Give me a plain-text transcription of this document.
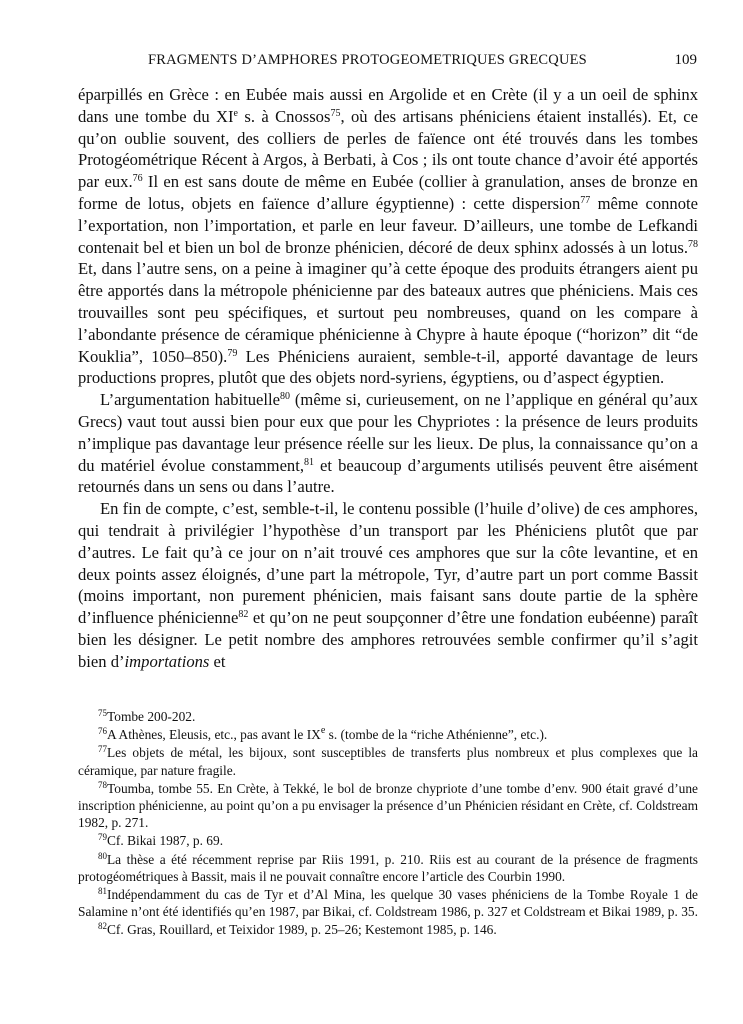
FRAGMENTS D’AMPHORES PROTOGEOMETRIQUES GRECQUES	109

éparpillés en Grèce : en Eubée mais aussi en Argolide et en Crète (il y a un oeil de sphinx dans une tombe du XIe s. à Cnossos$^{75}$, où des artisans phéniciens étaient installés). Et, ce qu’on oublie souvent, des colliers de perles de faïence ont été trouvés dans les tombes Protogéométrique Récent à Argos, à Berbati, à Cos ; ils ont toute chance d’avoir été apportés par eux.$^{76}$ Il en est sans doute de même en Eubée (collier à granulation, anses de bronze en forme de lotus, objets en faïence d’allure égyptienne) : cette dispersion$^{77}$ même connote l’exportation, non l’importation, et parle en leur faveur. D’ailleurs, une tombe de Lefkandi contenait bel et bien un bol de bronze phénicien, décoré de deux sphinx adossés à un lotus.$^{78}$ Et, dans l’autre sens, on a peine à imaginer qu’à cette époque des produits étrangers aient pu être apportés dans la métropole phénicienne par des bateaux autres que phéniciens. Mais ces trouvailles sont peu spécifiques, et surtout peu nombreuses, quand on les compare à l’abondante présence de céramique phénicienne à Chypre à haute époque (“horizon” dit “de Kouklia”, 1050–850).$^{79}$ Les Phéniciens auraient, semble-t-il, apporté davantage de leurs productions propres, plutôt que des objets nord-syriens, égyptiens, ou d’aspect égyptien.

L’argumentation habituelle$^{80}$ (même si, curieusement, on ne l’applique en général qu’aux Grecs) vaut tout aussi bien pour eux que pour les Chypriotes : la présence de leurs produits n’implique pas davantage leur présence réelle sur les lieux. De plus, la connaissance qu’on a du matériel évolue constamment,$^{81}$ et beaucoup d’arguments utilisés peuvent être aisément retournés dans un sens ou dans l’autre.

En fin de compte, c’est, semble-t-il, le contenu possible (l’huile d’olive) de ces amphores, qui tendrait à privilégier l’hypothèse d’un transport par les Phéniciens plutôt que par d’autres. Le fait qu’à ce jour on n’ait trouvé ces amphores que sur la côte levantine, et en deux points assez éloignés, d’une part la métropole, Tyr, d’autre part un port comme Bassit (moins important, non purement phénicien, mais faisant sans doute partie de la sphère d’influence phénicienne$^{82}$ et qu’on ne peut soupçonner d’être une fondation eubéenne) paraît bien les désigner. Le petit nombre des amphores retrouvées semble confirmer qu’il s’agit bien d’importations et

$^{75}$Tombe 200-202.

$^{76}$A Athènes, Eleusis, etc., pas avant le IXe s. (tombe de la “riche Athénienne”, etc.).

$^{77}$Les objets de métal, les bijoux, sont susceptibles de transferts plus nombreux et plus complexes que la céramique, par nature fragile.

$^{78}$Toumba, tombe 55. En Crète, à Tekké, le bol de bronze chypriote d’une tombe d’env. 900 était gravé d’une inscription phénicienne, au point qu’on a pu envisager la présence d’un Phénicien résidant en Crète, cf. Coldstream 1982, p. 271.

$^{79}$Cf. Bikai 1987, p. 69.

$^{80}$La thèse a été récemment reprise par Riis 1991, p. 210. Riis est au courant de la présence de fragments protogéométriques à Bassit, mais il ne pouvait connaître encore l’article des Courbin 1990.

$^{81}$Indépendamment du cas de Tyr et d’Al Mina, les quelque 30 vases phéniciens de la Tombe Royale 1 de Salamine n’ont été identifiés qu’en 1987, par Bikai, cf. Coldstream 1986, p. 327 et Coldstream et Bikai 1989, p. 35.

$^{82}$Cf. Gras, Rouillard, et Teixidor 1989, p. 25–26; Kestemont 1985, p. 146.
